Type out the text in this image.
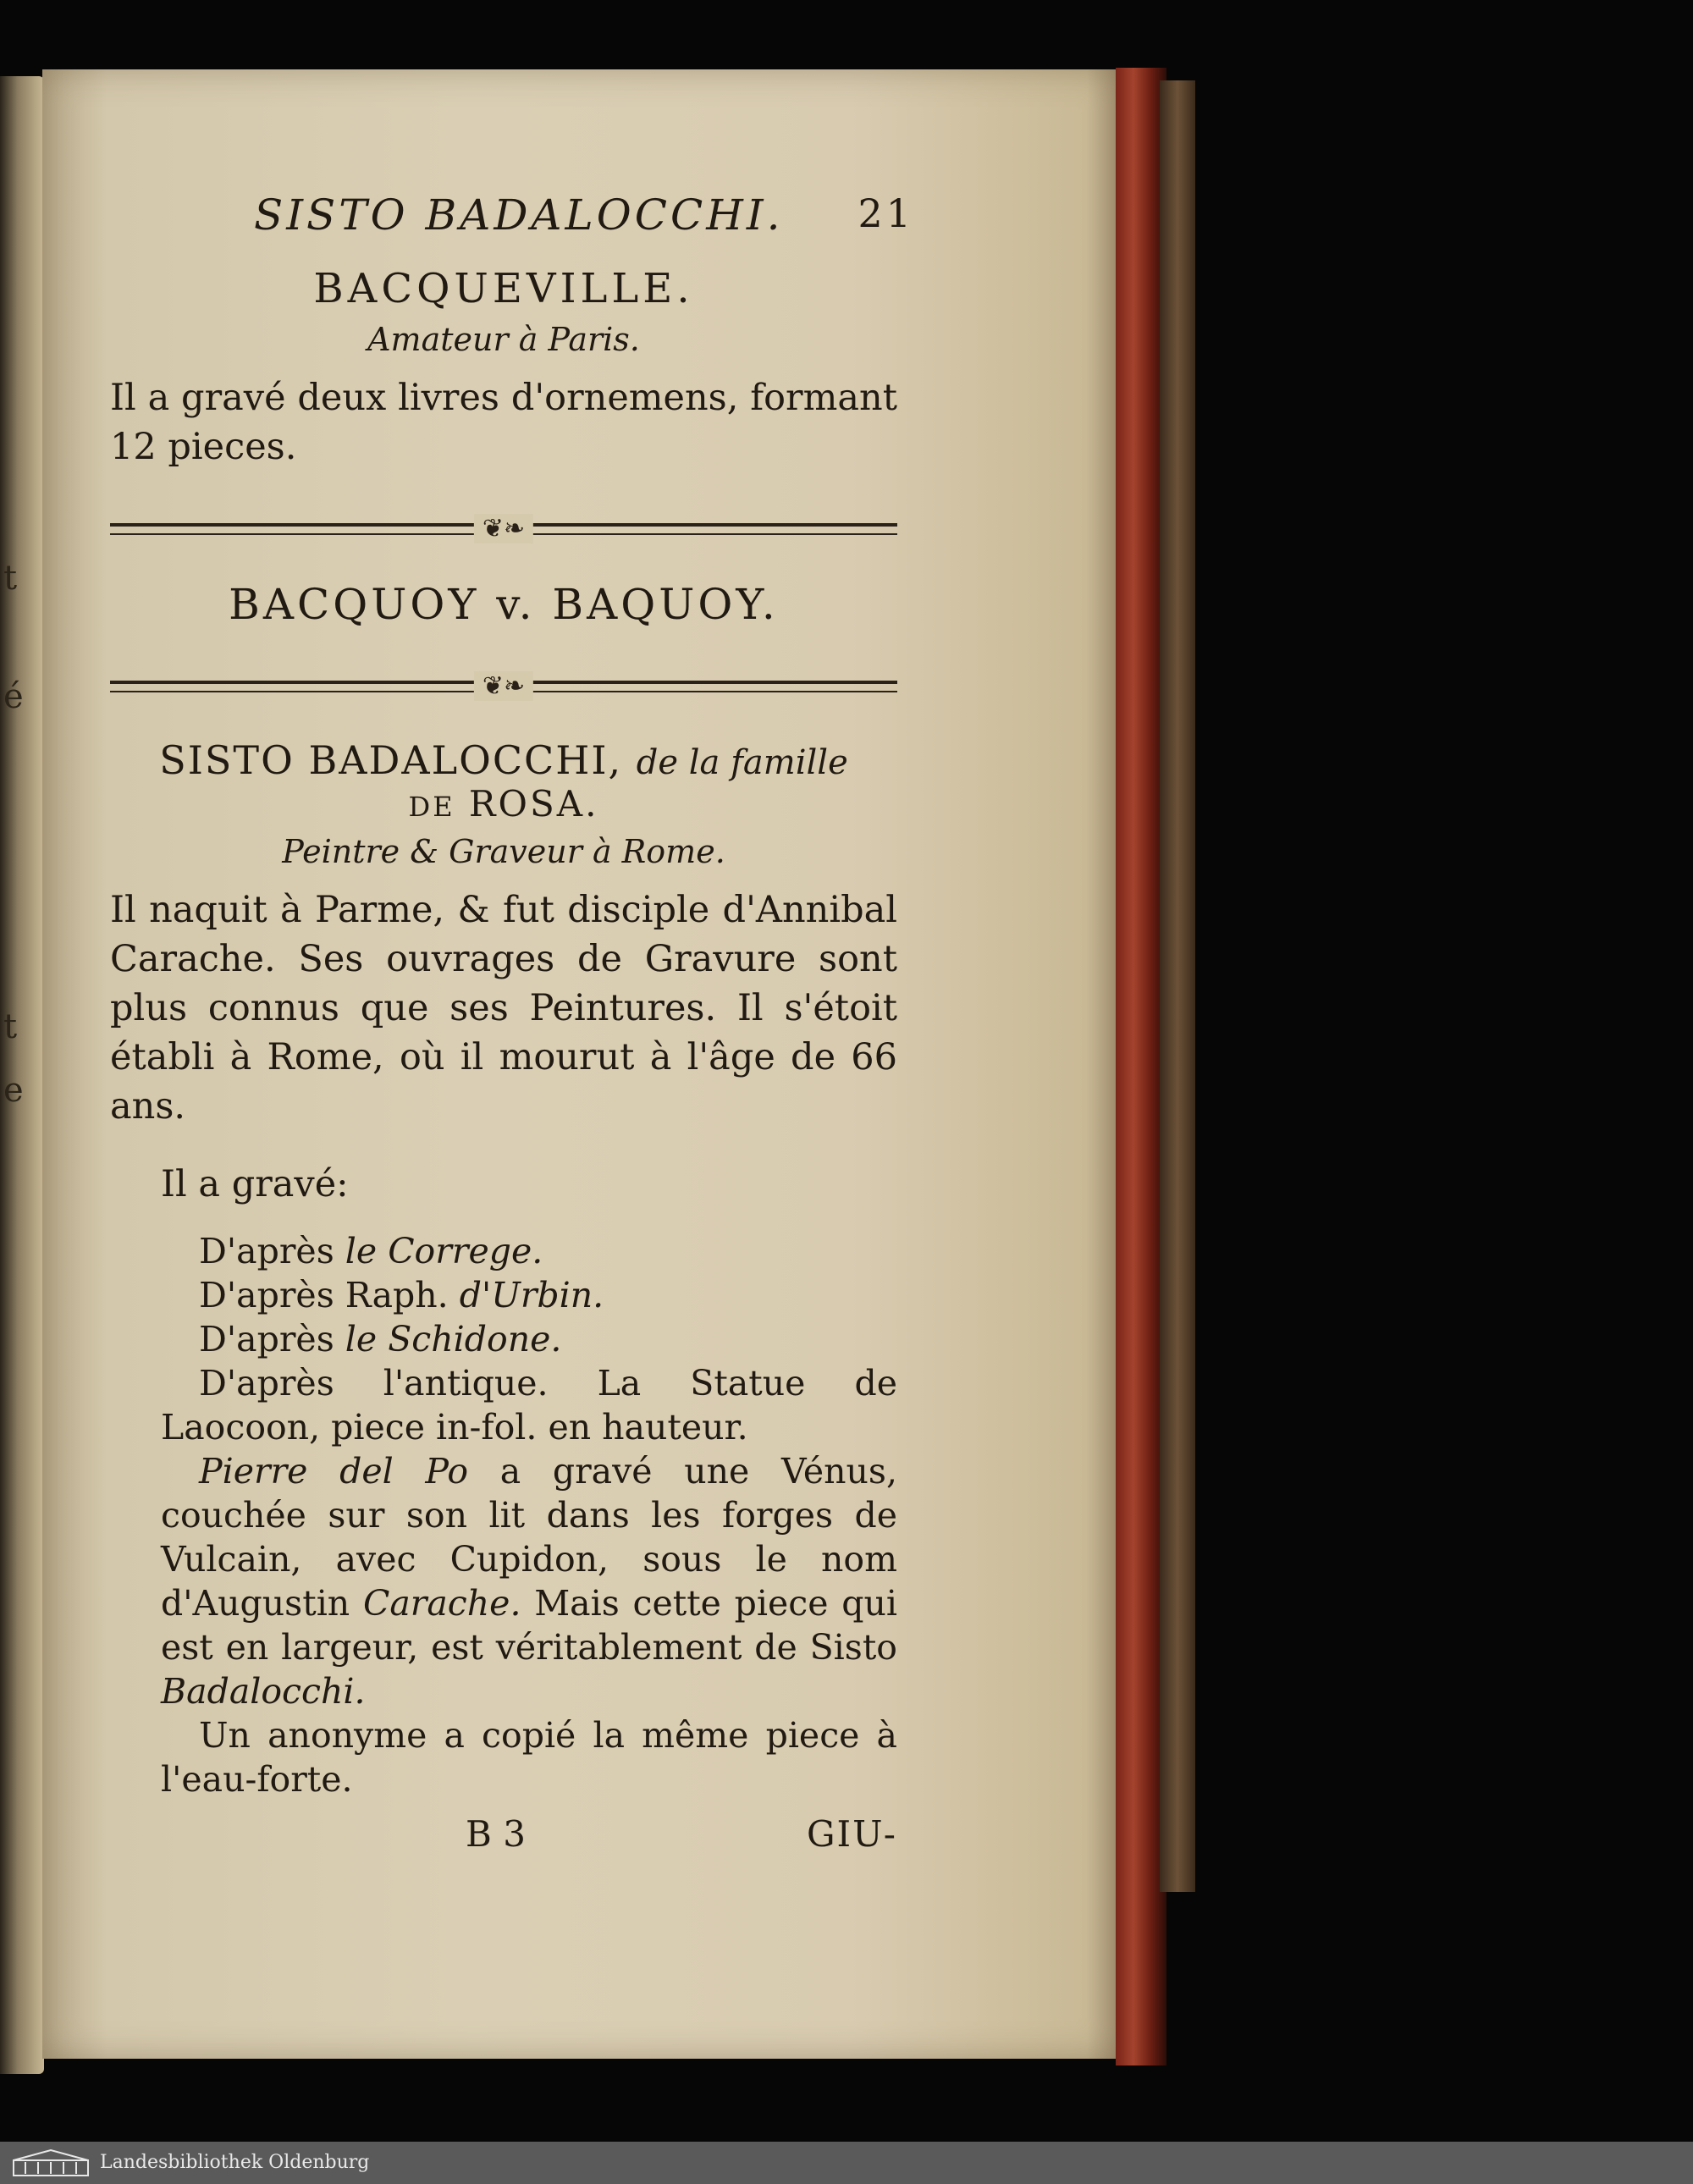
t
é
t
e
SISTO BADALOCCHI. 21
BACQUEVILLE.
Amateur à Paris.

Il a gravé deux livres d'ornemens, formant 12 pieces.

❦❧
BACQUOY v. BAQUOY.
❦❧
SISTO BADALOCCHI, de la famille
DE ROSA.
Peintre & Graveur à Rome.

Il naquit à Parme, & fut disciple d'Annibal Carache. Ses ouvrages de Gravure sont plus connus que ses Peintures. Il s'étoit établi à Rome, où il mourut à l'âge de 66 ans.

Il a gravé:
D'après le Correge.
D'après Raph. d'Urbin.
D'après le Schidone.

D'après l'antique. La Statue de Laocoon, piece in-fol. en hauteur.

Pierre del Po a gravé une Vénus, couchée sur son lit dans les forges de Vulcain, avec Cupidon, sous le nom d'Augustin Carache. Mais cette piece qui est en largeur, est véritablement de Sisto Badalocchi.

Un anonyme a copié la même piece à l'eau-forte.

B 3	GIU-
Landesbibliothek Oldenburg
